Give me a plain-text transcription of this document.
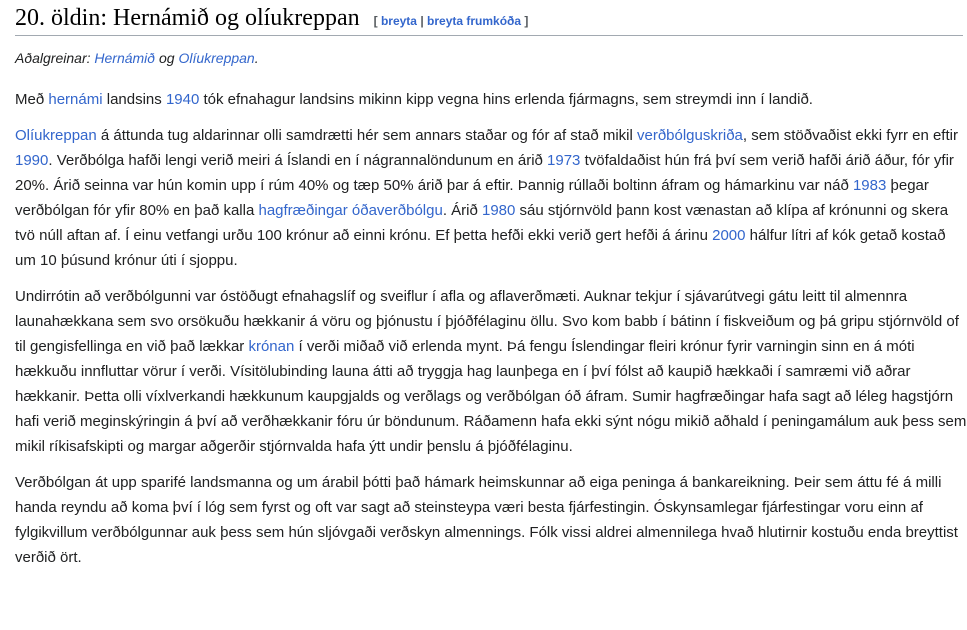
20. öldin: Hernámið og olíukreppan [ breyta | breyta frumkóða ]
Aðalgreinar: Hernámið og Olíukreppan.

Með hernámi landsins 1940 tók efnahagur landsins mikinn kipp vegna hins erlenda fjármagns, sem streymdi inn í landið.

Olíukreppan á áttunda tug aldarinnar olli samdrætti hér sem annars staðar og fór af stað mikil verðbólguskriða, sem stöðvaðist ekki fyrr en eftir 1990. Verðbólga hafði lengi verið meiri á Íslandi en í nágrannalöndunum en árið 1973 tvöfaldaðist hún frá því sem verið hafði árið áður, fór yfir 20%. Árið seinna var hún komin upp í rúm 40% og tæp 50% árið þar á eftir. Þannig rúllaði boltinn áfram og hámarkinu var náð 1983 þegar verðbólgan fór yfir 80% en það kalla hagfræðingar óðaverðbólgu. Árið 1980 sáu stjórnvöld þann kost vænastan að klípa af krónunni og skera tvö núll aftan af. Í einu vetfangi urðu 100 krónur að einni krónu. Ef þetta hefði ekki verið gert hefði á árinu 2000 hálfur lítri af kók getað kostað um 10 þúsund krónur úti í sjoppu.

Undirrótin að verðbólgunni var óstöðugt efnahagslíf og sveiflur í afla og aflaverðmæti. Auknar tekjur í sjávarútvegi gátu leitt til almennra launahækkana sem svo orsökuðu hækkanir á vöru og þjónustu í þjóðfélaginu öllu. Svo kom babb í bátinn í fiskveiðum og þá gripu stjórnvöld of til gengisfellinga en við það lækkar krónan í verði miðað við erlenda mynt. Þá fengu Íslendingar fleiri krónur fyrir varningin sinn en á móti hækkuðu innfluttar vörur í verði. Vísitölubinding launa átti að tryggja hag launþega en í því fólst að kaupið hækkaði í samræmi við aðrar hækkanir. Þetta olli víxlverkandi hækkunum kaupgjalds og verðlags og verðbólgan óð áfram. Sumir hagfræðingar hafa sagt að léleg hagstjórn hafi verið meginskýringin á því að verðhækkanir fóru úr böndunum. Ráðamenn hafa ekki sýnt nógu mikið aðhald í peningamálum auk þess sem mikil ríkisafskipti og margar aðgerðir stjórnvalda hafa ýtt undir þenslu á þjóðfélaginu.

Verðbólgan át upp sparifé landsmanna og um árabil þótti það hámark heimskunnar að eiga peninga á bankareikning. Þeir sem áttu fé á milli handa reyndu að koma því í lóg sem fyrst og oft var sagt að steinsteypa væri besta fjárfestingin. Óskynsamlegar fjárfestingar voru einn af fylgikvillum verðbólgunnar auk þess sem hún sljóvgaði verðskyn almennings. Fólk vissi aldrei almennilega hvað hlutirnir kostuðu enda breyttist verðið ört.
